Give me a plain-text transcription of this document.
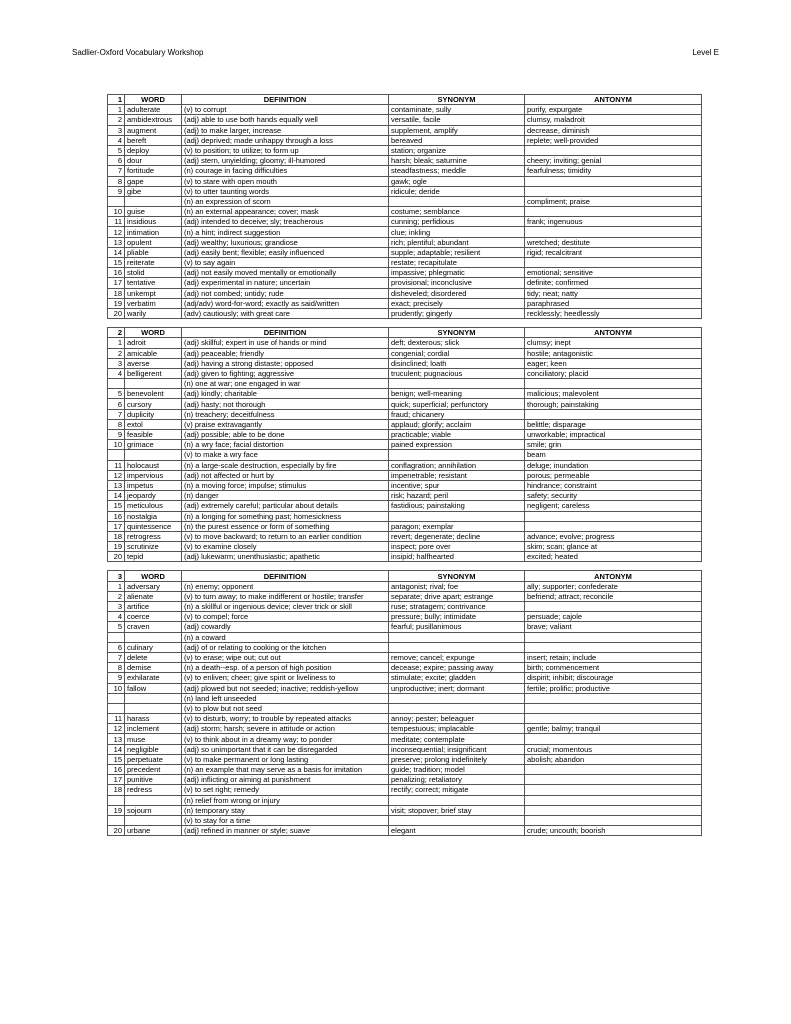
Sadlier-Oxford Vocabulary Workshop	Level E
1	WORD	DEFINITION	SYNONYM	ANTONYM
1	adulterate	(v) to corrupt	contaminate, sully	purify, expurgate
2	ambidextrous	(adj) able to use both hands equally well	versatile, facile	clumsy, maladroit
3	augment	(adj) to make larger, increase	supplement, amplify	decrease, diminish
4	bereft	(adj) deprived; made unhappy through a loss	bereaved	replete; well-provided
5	deploy	(v) to position; to utilize; to form up	station; organize	
6	dour	(adj) stern, unyielding; gloomy; ill-humored	harsh; bleak; saturnine	cheery; inviting; genial
7	fortitude	(n) courage in facing difficulties	steadfastness; meddle	fearfulness; timidity
8	gape	(v) to stare with open mouth	gawk; ogle	
9	gibe	(v) to utter taunting words	ridicule; deride	
		(n) an expression of scorn		compliment; praise
10	guise	(n) an external appearance; cover; mask	costume; semblance	
11	insidious	(adj) intended to deceive; sly; treacherous	cunning; perfidious	frank; ingenuous
12	intimation	(n) a hint; indirect suggestion	clue; inkling	
13	opulent	(adj) wealthy; luxurious; grandiose	rich; plentiful; abundant	wretched; destitute
14	pliable	(adj) easily bent; flexible; easily influenced	supple; adaptable; resilient	rigid; recalcitrant
15	reiterate	(v) to say again	restate; recapitulate	
16	stolid	(adj) not easily moved mentally or emotionally	impassive; phlegmatic	emotional; sensitive
17	tentative	(adj) experimental in nature; uncertain	provisional; inconclusive	definite; confirmed
18	unkempt	(adj) not combed; untidy; rude	disheveled; disordered	tidy; neat; natty
19	verbatim	(adj/adv) word-for-word; exactly as said/written	exact; precisely	paraphrased
20	warily	(adv) cautiously; with great care	prudently; gingerly	recklessly; heedlessly

2	WORD	DEFINITION	SYNONYM	ANTONYM
1	adroit	(adj) skillful; expert in use of hands or mind	deft; dexterous; slick	clumsy; inept
2	amicable	(adj) peaceable; friendly	congenial; cordial	hostile; antagonistic
3	averse	(adj) having a strong distaste; opposed	disinclined; loath	eager; keen
4	belligerent	(adj) given to fighting; aggressive	truculent; pugnacious	conciliatory; placid
		(n) one at war; one engaged in war		
5	benevolent	(adj) kindly; charitable	benign; well-meaning	malicious; malevolent
6	cursory	(adj) hasty; not thorough	quick; superficial; perfunctory	thorough; painstaking
7	duplicity	(n) treachery; deceitfulness	fraud; chicanery	
8	extol	(v) praise extravagantly	applaud; glorify; acclaim	belittle; disparage
9	feasible	(adj) possible; able to be done	practicable; viable	unworkable; impractical
10	grimace	(n) a wry face; facial distortion	pained expression	smile; grin
		(v) to make a wry face		beam
11	holocaust	(n) a large-scale destruction, especially by fire	conflagration; annihilation	deluge; inundation
12	impervious	(adj) not affected or hurt by	impenetrable; resistant	porous; permeable
13	impetus	(n) a moving force; impulse; stimulus	incentive; spur	hindrance; constraint
14	jeopardy	(n) danger	risk; hazard; peril	safety; security
15	meticulous	(adj) extremely careful; particular about details	fastidious; painstaking	negligent; careless
16	nostalgia	(n) a longing for something past; homesickness		
17	quintessence	(n) the purest essence or form of something	paragon; exemplar	
18	retrogress	(v) to move backward; to return to an earlier condition	revert; degenerate; decline	advance; evolve; progress
19	scrutinize	(v) to examine closely	inspect; pore over	skim; scan; glance at
20	tepid	(adj) lukewarm; unenthusiastic; apathetic	insipid; halfhearted	excited; heated

3	WORD	DEFINITION	SYNONYM	ANTONYM
1	adversary	(n) enemy; opponent	antagonist; rival; foe	ally; supporter; confederate
2	alienate	(v) to turn away; to make indifferent or hostile; transfer	separate; drive apart; estrange	befriend; attract; reconcile
3	artifice	(n) a skillful or ingenious device; clever trick or skill	ruse; stratagem; contrivance	
4	coerce	(v) to compel; force	pressure; bully; intimidate	persuade; cajole
5	craven	(adj) cowardly	fearful; pusillanimous	brave; valiant
		(n) a coward		
6	culinary	(adj) of or relating to cooking or the kitchen		
7	delete	(v) to erase; wipe out; cut out	remove; cancel; expunge	insert; retain; include
8	demise	(n) a death--esp. of a person of high position	decease; expire; passing away	birth; commencement
9	exhilarate	(v) to enliven; cheer; give spirit or liveliness to	stimulate; excite; gladden	dispirit; inhibit; discourage
10	fallow	(adj) plowed but not seeded; inactive; reddish-yellow	unproductive; inert; dormant	fertile; prolific; productive
		(n) land left unseeded		
		(v) to plow but not seed		
11	harass	(v) to disturb, worry; to trouble by repeated attacks	annoy; pester; beleaguer	
12	inclement	(adj) storm; harsh; severe in attitude or action	tempestuous; implacable	gentle; balmy; tranquil
13	muse	(v) to think about in a dreamy way; to ponder	meditate; contemplate	
14	negligible	(adj) so unimportant that it can be disregarded	inconsequential; insignificant	crucial; momentous
15	perpetuate	(v) to make permanent or long lasting	preserve; prolong indefinitely	abolish; abandon
16	precedent	(n) an example that may serve as a basis for imitation	guide; tradition; model	
17	punitive	(adj) inflicting or aiming at punishment	penalizing; retaliatory	
18	redress	(v) to set right; remedy	rectify; correct; mitigate	
		(n) relief from wrong or injury		
19	sojourn	(n) temporary stay	visit; stopover; brief stay	
		(v) to stay for a time		
20	urbane	(adj) refined in manner or style; suave	elegant	crude; uncouth; boorish
